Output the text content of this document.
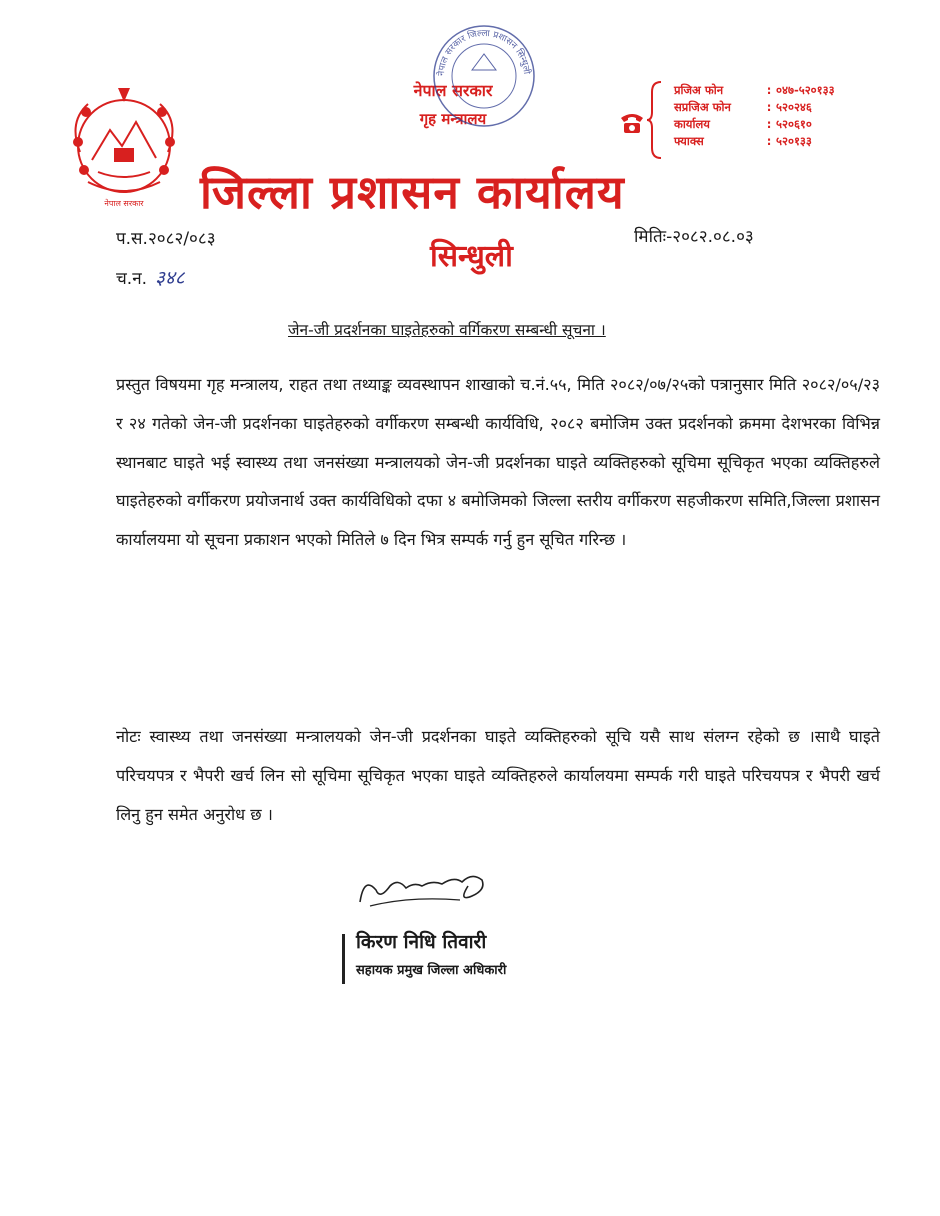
नेपाल सरकार
नेपाल सरकार
गृह मन्त्रालय
नेपाल सरकार जिल्ला प्रशासन सिन्धुली
प्रजिअ फोन	: ०४७-५२०१३३
सप्रजिअ फोन	: ५२०२४६
कार्यालय	: ५२०६१०
फ्याक्स	: ५२०१३३
जिल्ला प्रशासन कार्यालय
सिन्धुली
प.स.२०८२/०८३
च.न. ३४८
मितिः-२०८२.०८.०३
जेन-जी प्रदर्शनका घाइतेहरुको वर्गिकरण सम्बन्धी सूचना ।
प्रस्तुत विषयमा गृह मन्त्रालय, राहत तथा तथ्याङ्क व्यवस्थापन शाखाको च.नं.५५, मिति २०८२/०७/२५को पत्रानुसार मिति २०८२/०५/२३ र २४ गतेको जेन-जी प्रदर्शनका घाइतेहरुको वर्गीकरण सम्बन्धी कार्यविधि, २०८२ बमोजिम उक्त प्रदर्शनको क्रममा देशभरका विभिन्न स्थानबाट घाइते भई स्वास्थ्य तथा जनसंख्या मन्त्रालयको जेन-जी प्रदर्शनका घाइते व्यक्तिहरुको सूचिमा सूचिकृत भएका व्यक्तिहरुले घाइतेहरुको वर्गीकरण प्रयोजनार्थ उक्त कार्यविधिको दफा ४ बमोजिमको जिल्ला स्तरीय वर्गीकरण सहजीकरण समिति,जिल्ला प्रशासन कार्यालयमा यो सूचना प्रकाशन भएको मितिले ७ दिन भित्र सम्पर्क गर्नु हुन सूचित गरिन्छ ।
नोटः स्वास्थ्य तथा जनसंख्या मन्त्रालयको जेन-जी प्रदर्शनका घाइते व्यक्तिहरुको सूचि यसै साथ संलग्न रहेको छ ।साथै घाइते परिचयपत्र र भैपरी खर्च लिन सो सूचिमा सूचिकृत भएका घाइते व्यक्तिहरुले कार्यालयमा सम्पर्क गरी घाइते परिचयपत्र र भैपरी खर्च लिनु हुन समेत अनुरोध छ ।
किरण निधि तिवारी
सहायक प्रमुख जिल्ला अधिकारी
